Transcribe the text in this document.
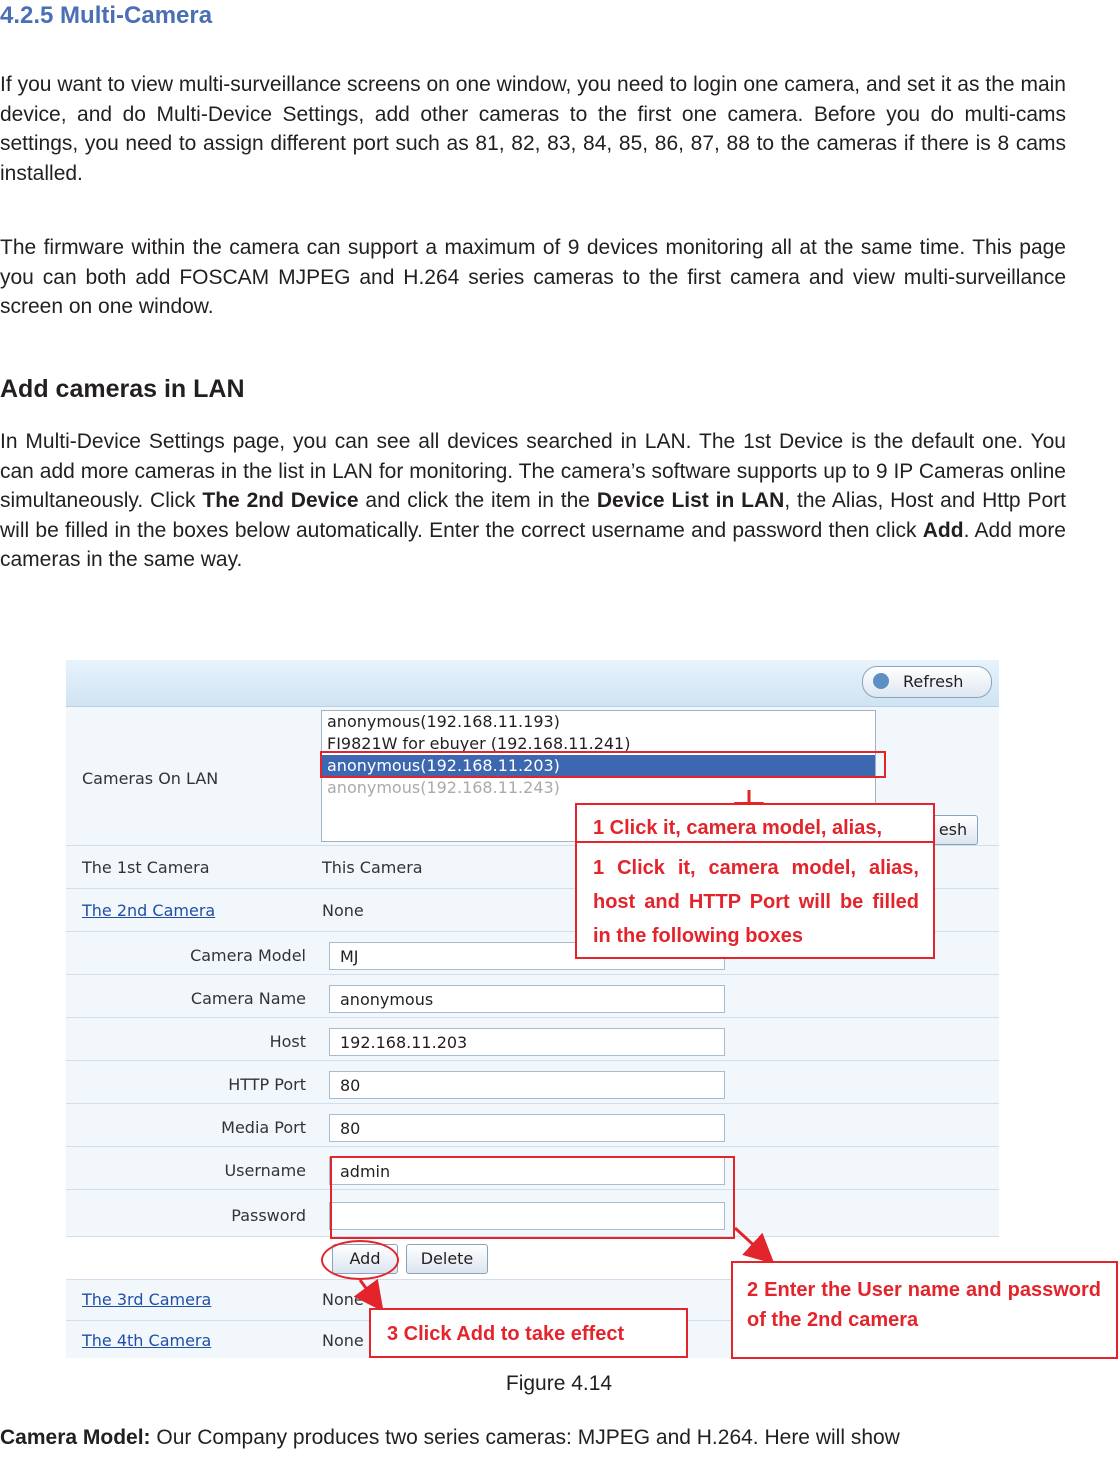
4.2.5 Multi-Camera
If you want to view multi-surveillance screens on one window, you need to login one camera, and set it as the main device, and do Multi-Device Settings, add other cameras to the first one camera. Before you do multi-cams settings, you need to assign different port such as 81, 82, 83, 84, 85, 86, 87, 88 to the cameras if there is 8 cams installed.
The firmware within the camera can support a maximum of 9 devices monitoring all at the same time. This page you can both add FOSCAM MJPEG and H.264 series cameras to the first camera and view multi-surveillance screen on one window.
Add cameras in LAN
In Multi-Device Settings page, you can see all devices searched in LAN. The 1st Device is the default one. You can add more cameras in the list in LAN for monitoring. The camera’s software supports up to 9 IP Cameras online simultaneously. Click The 2nd Device and click the item in the Device List in LAN, the Alias, Host and Http Port will be filled in the boxes below automatically. Enter the correct username and password then click Add. Add more cameras in the same way.
Refresh
Cameras On LAN
anonymous(192.168.11.193)
FI9821W for ebuyer (192.168.11.241)
anonymous(192.168.11.203)
anonymous(192.168.11.243)
esh
The 1st Camera	This Camera
The 2nd Camera	None
Camera Model	MJ
Camera Name	anonymous
Host	192.168.11.203
HTTP Port	80
Media Port	80
Username	admin
Password
Add	Delete
The 3rd Camera	None
The 4th Camera	None
1 Click it, camera model, alias,
1 Click it, camera model, alias, host and HTTP Port will be filled in the following boxes
2 Enter the User name and password of the 2nd camera
3 Click Add to take effect
Figure 4.14
Camera Model: Our Company produces two series cameras: MJPEG and H.264. Here will show
